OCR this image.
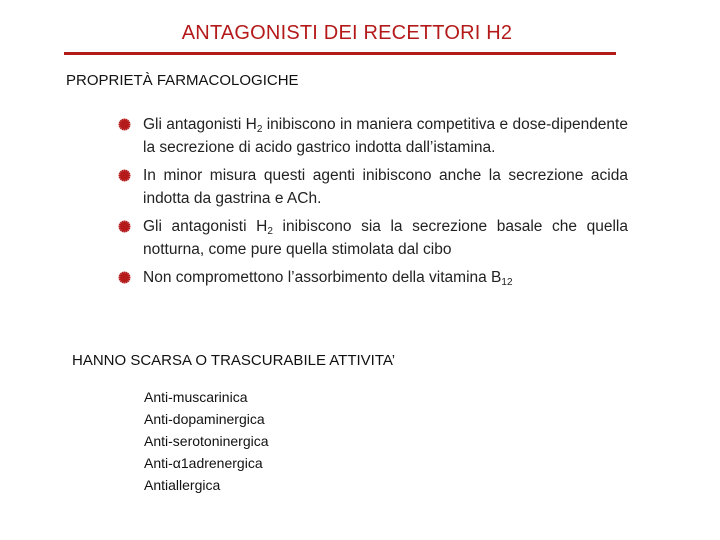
ANTAGONISTI DEI RECETTORI H2
PROPRIETÀ FARMACOLOGICHE
Gli antagonisti $H_2$ inibiscono in maniera competitiva e dose-dipendente la secrezione di acido gastrico indotta dall’istamina.
In minor misura questi agenti inibiscono anche la secrezione acida indotta da gastrina e ACh.
Gli antagonisti $H_2$ inibiscono sia la secrezione basale che quella notturna, come pure quella stimolata dal cibo
Non compromettono l’assorbimento della vitamina $B_{12}$
HANNO SCARSA O TRASCURABILE ATTIVITA’
Anti-muscarinica
Anti-dopaminergica
Anti-serotoninergica
Anti-α1adrenergica
Antiallergica
